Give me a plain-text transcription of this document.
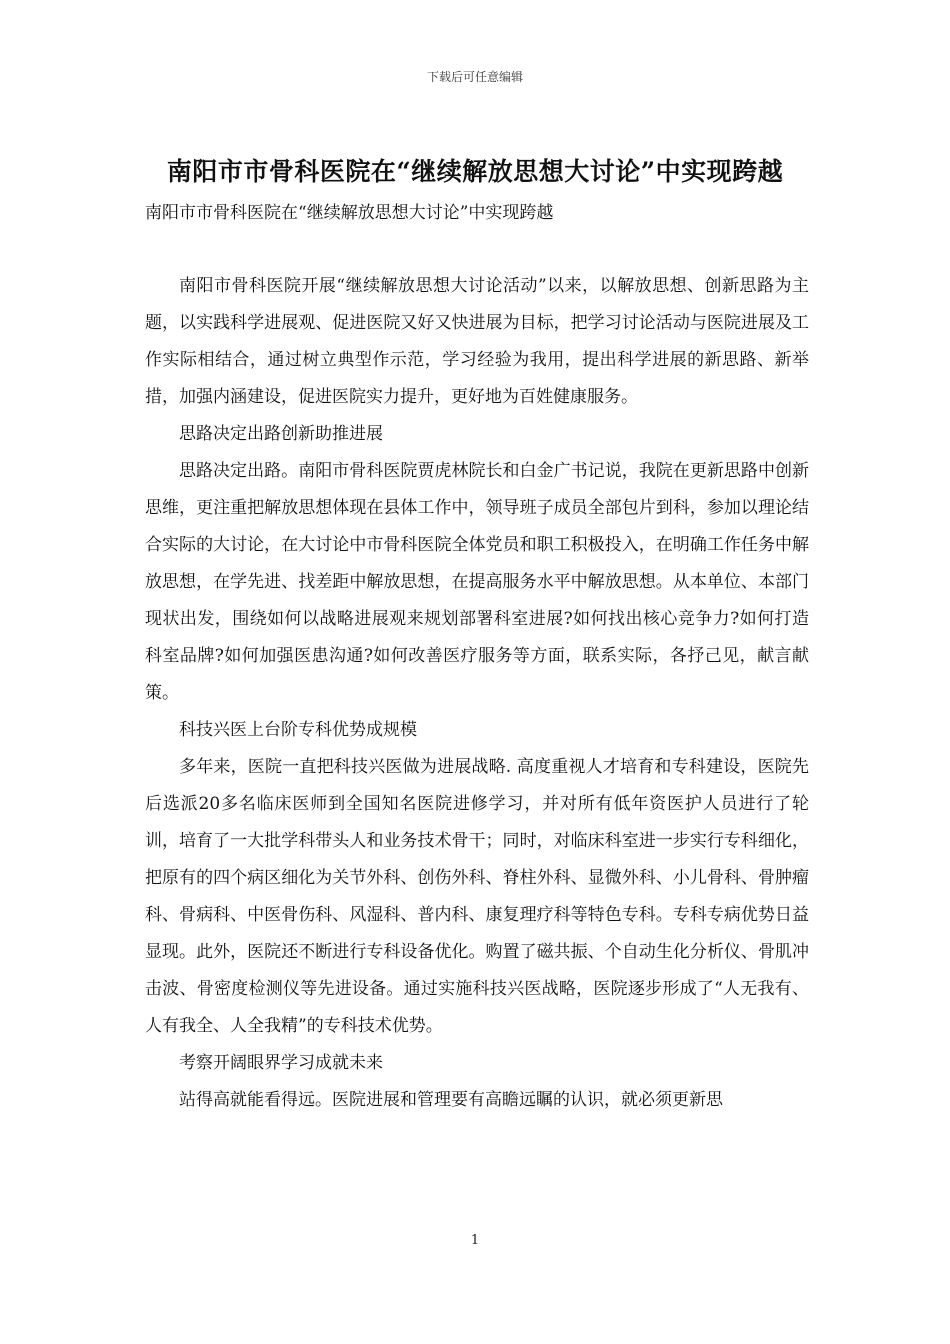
下载后可任意编辑
南阳市市骨科医院在“继续解放思想大讨论”中实现跨越

南阳市市骨科医院在“继续解放思想大讨论”中实现跨越

南阳市骨科医院开展“继续解放思想大讨论活动”以来，以解放思想、创新思路为主题，以实践科学进展观、促进医院又好又快进展为目标，把学习讨论活动与医院进展及工作实际相结合，通过树立典型作示范，学习经验为我用，提出科学进展的新思路、新举措，加强内涵建设，促进医院实力提升，更好地为百姓健康服务。

思路决定出路创新助推进展

思路决定出路。南阳市骨科医院贾虎林院长和白金广书记说，我院在更新思路中创新思维，更注重把解放思想体现在县体工作中，领导班子成员全部包片到科，参加以理论结合实际的大讨论，在大讨论中市骨科医院全体党员和职工积极投入，在明确工作任务中解放思想，在学先进、找差距中解放思想，在提高服务水平中解放思想。从本单位、本部门现状出发，围绕如何以战略进展观来规划部署科室进展?如何找出核心竞争力?如何打造科室品牌?如何加强医患沟通?如何改善医疗服务等方面，联系实际，各抒己见，献言献策。

科技兴医上台阶专科优势成规模

多年来，医院一直把科技兴医做为进展战略. 高度重视人才培育和专科建设，医院先后选派20多名临床医师到全国知名医院进修学习，并对所有低年资医护人员进行了轮训，培育了一大批学科带头人和业务技术骨干；同时，对临床科室进一步实行专科细化，把原有的四个病区细化为关节外科、创伤外科、脊柱外科、显微外科、小儿骨科、骨肿瘤科、骨病科、中医骨伤科、风湿科、普内科、康复理疗科等特色专科。专科专病优势日益显现。此外，医院还不断进行专科设备优化。购置了磁共振、个自动生化分析仪、骨肌冲击波、骨密度检测仪等先进设备。通过实施科技兴医战略，医院逐步形成了“人无我有、人有我全、人全我精”的专科技术优势。

考察开阔眼界学习成就未来

站得高就能看得远。医院进展和管理要有高瞻远瞩的认识，就必须更新思

1
